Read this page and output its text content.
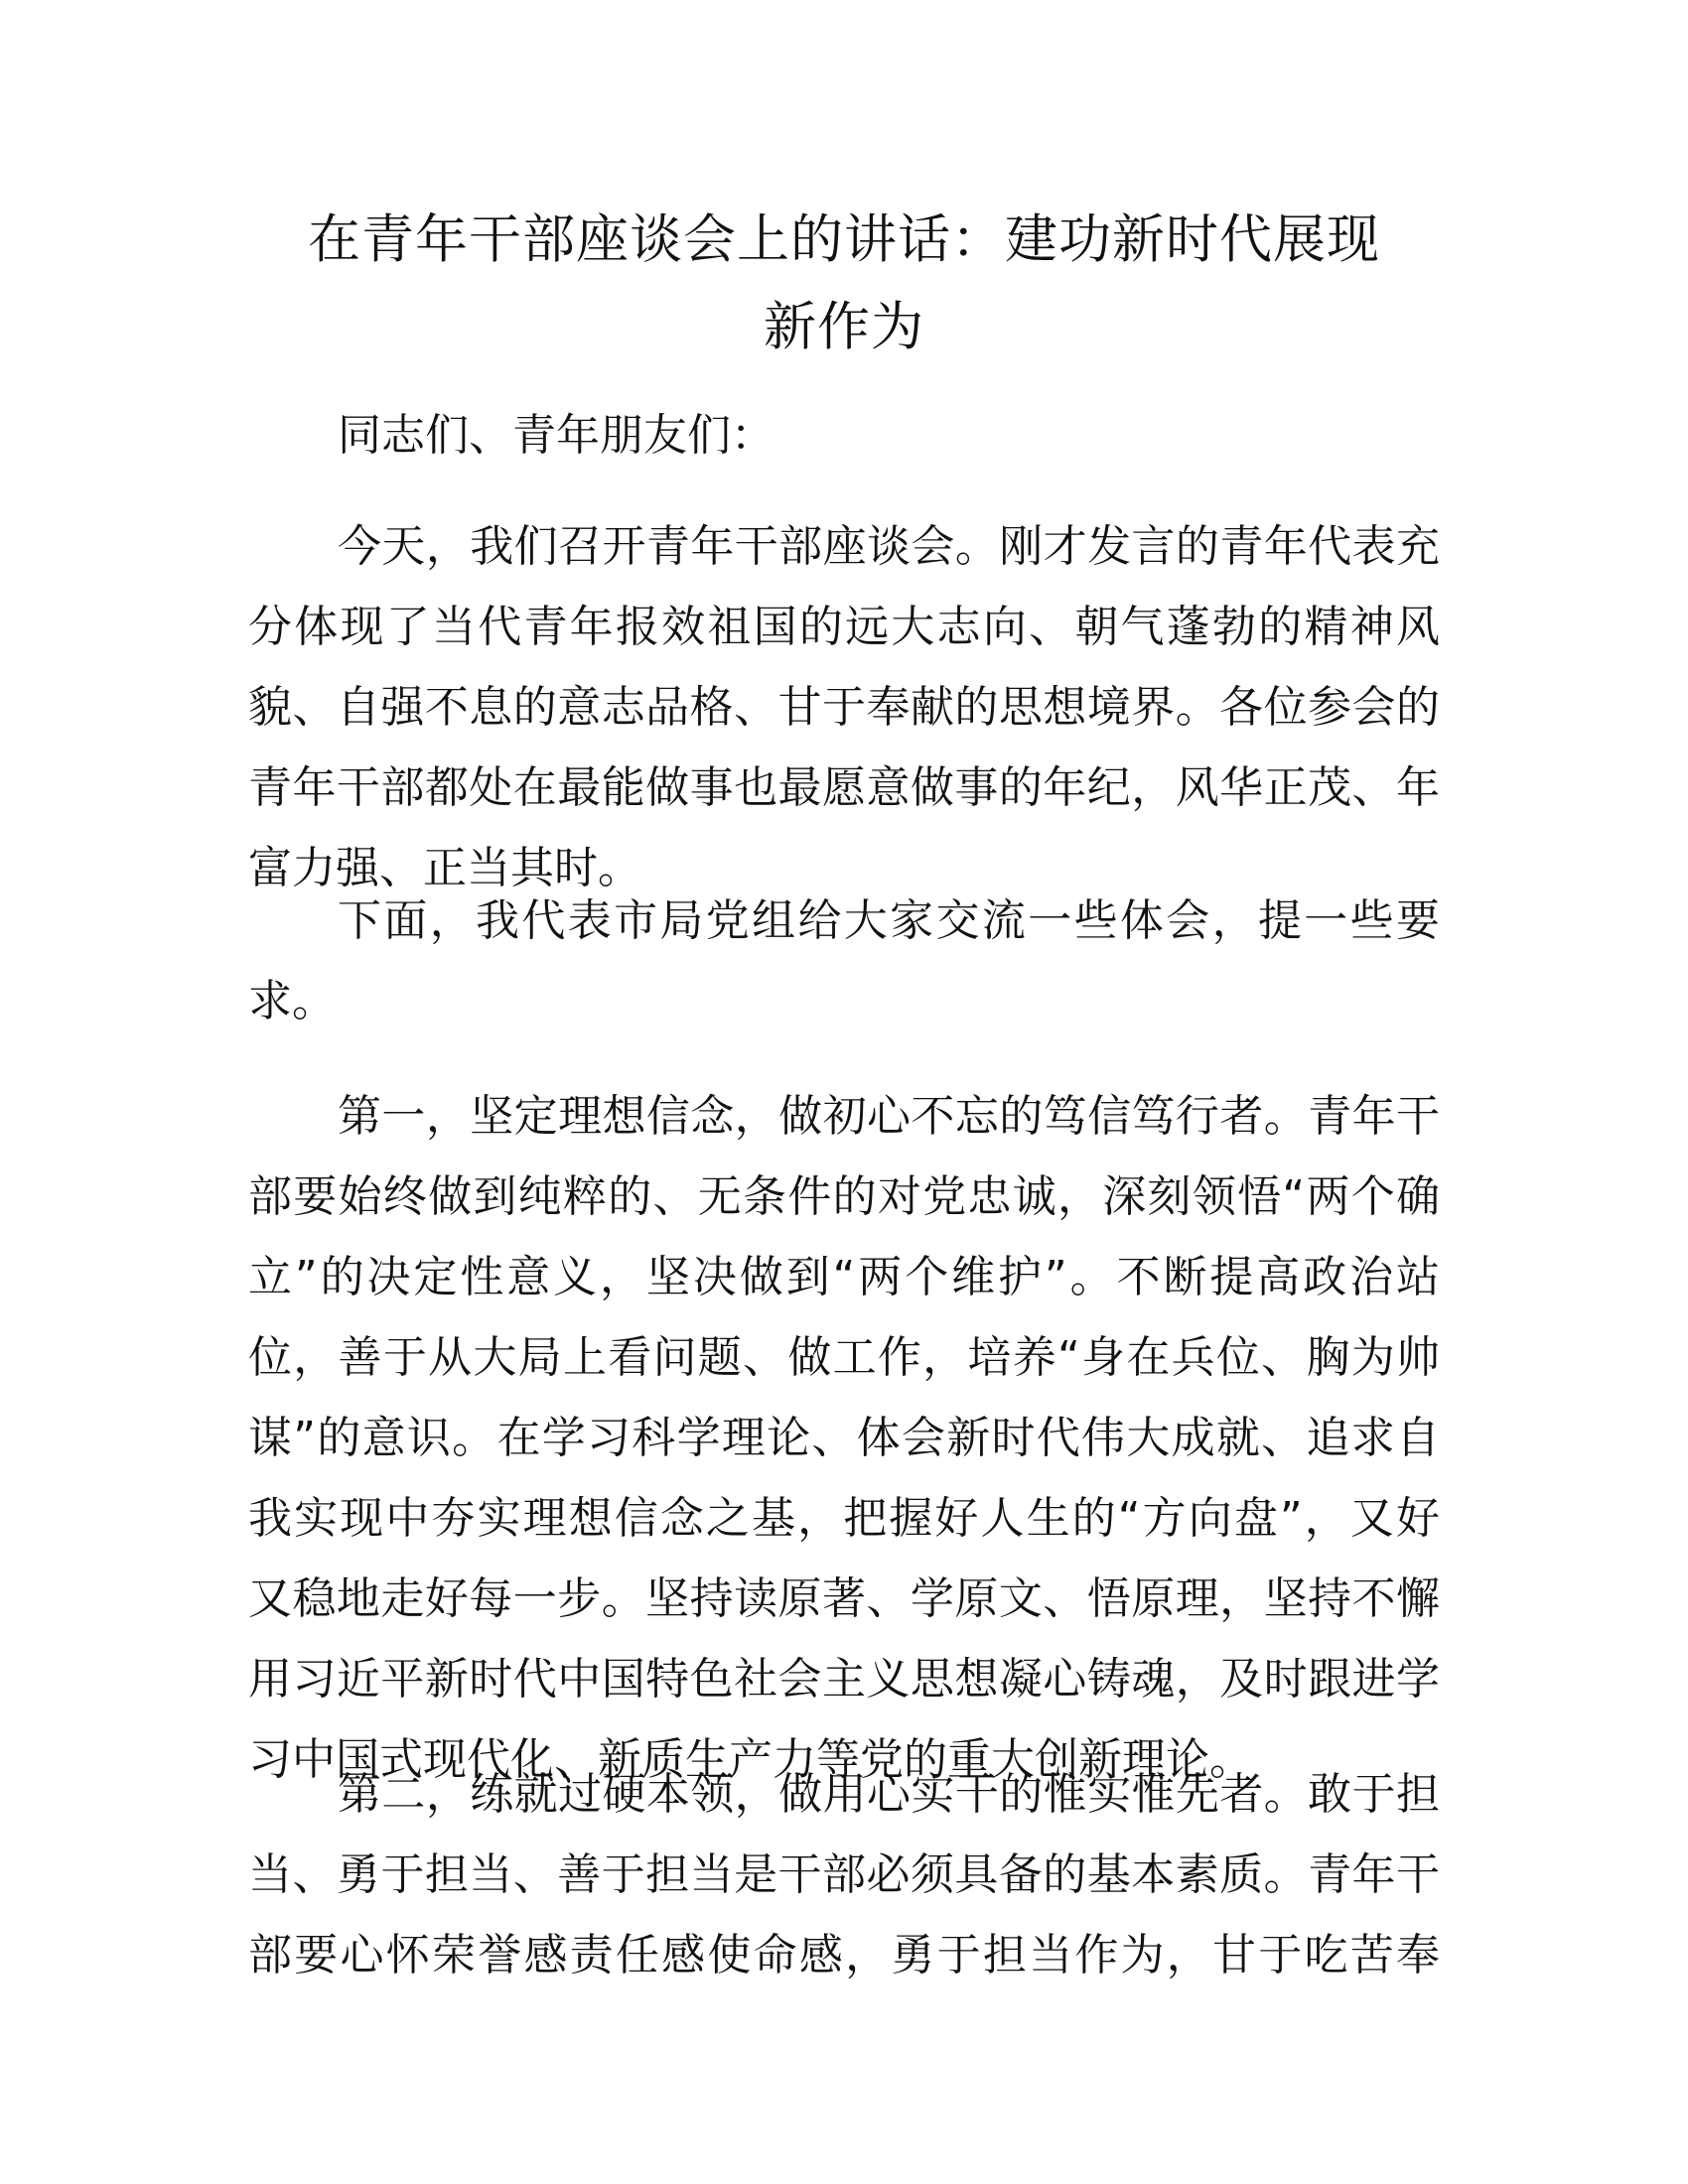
在青年干部座谈会上的讲话：建功新时代展现
新作为
同志们、青年朋友们：
今天，我们召开青年干部座谈会。刚才发言的青年代表充
分体现了当代青年报效祖国的远大志向、朝气蓬勃的精神风
貌、自强不息的意志品格、甘于奉献的思想境界。各位参会的
青年干部都处在最能做事也最愿意做事的年纪，风华正茂、年
富力强、正当其时。
下面，我代表市局党组给大家交流一些体会，提一些要
求。
第一，坚定理想信念，做初心不忘的笃信笃行者。青年干
部要始终做到纯粹的、无条件的对党忠诚，深刻领悟“两个确
立”的决定性意义，坚决做到“两个维护”。不断提高政治站
位，善于从大局上看问题、做工作，培养“身在兵位、胸为帅
谋”的意识。在学习科学理论、体会新时代伟大成就、追求自
我实现中夯实理想信念之基，把握好人生的“方向盘”，又好
又稳地走好每一步。坚持读原著、学原文、悟原理，坚持不懈
用习近平新时代中国特色社会主义思想凝心铸魂，及时跟进学
习中国式现代化、新质生产力等党的重大创新理论。
第二，练就过硬本领，做用心实干的惟实惟先者。敢于担
当、勇于担当、善于担当是干部必须具备的基本素质。青年干
部要心怀荣誉感责任感使命感，勇于担当作为，甘于吃苦奉
